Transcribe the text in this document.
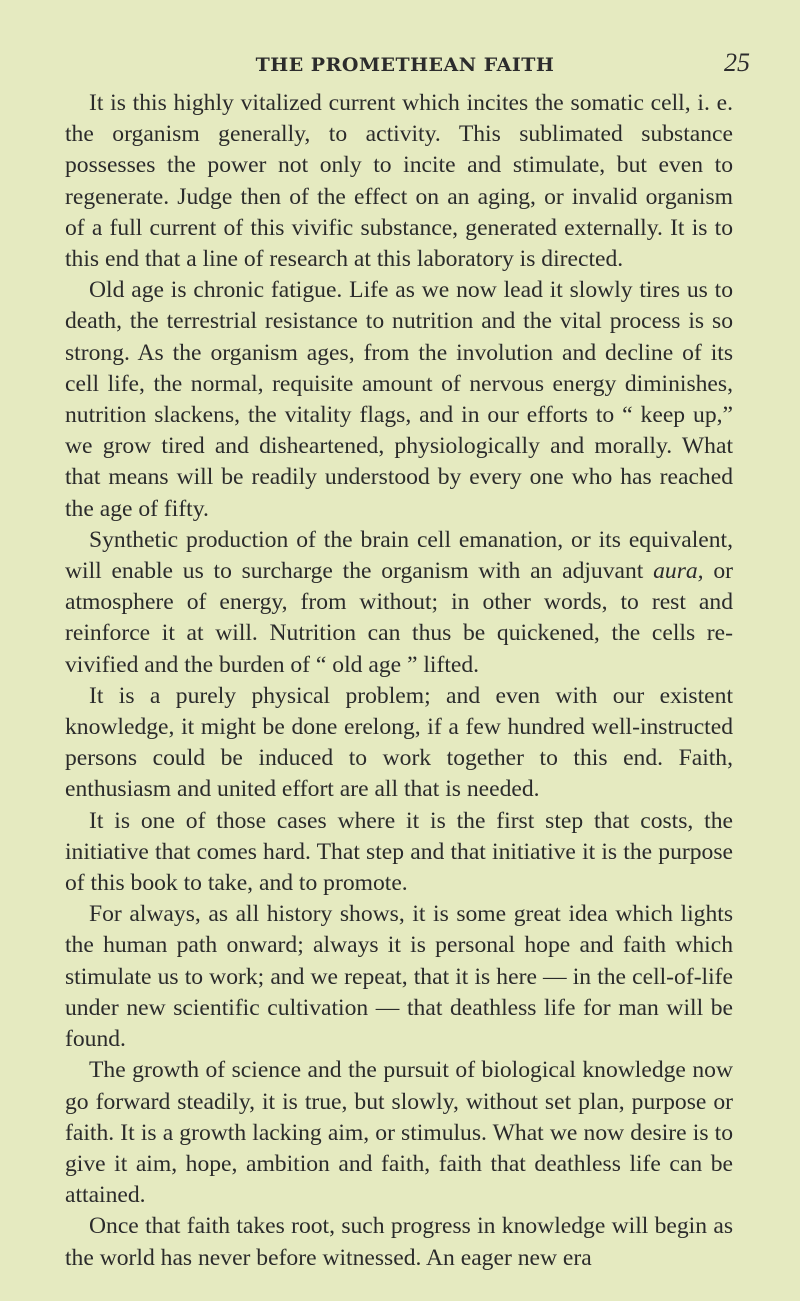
THE PROMETHEAN FAITH	25

It is this highly vitalized current which incites the somatic cell, i. e. the organism generally, to activity. This sublimated substance possesses the power not only to incite and stimulate, but even to regenerate. Judge then of the effect on an aging, or invalid organism of a full current of this vivific substance, generated externally. It is to this end that a line of research at this laboratory is directed.

Old age is chronic fatigue. Life as we now lead it slowly tires us to death, the terrestrial resistance to nutrition and the vital process is so strong. As the organism ages, from the involution and decline of its cell life, the normal, requisite amount of nervous energy diminishes, nutrition slackens, the vitality flags, and in our efforts to “ keep up,” we grow tired and disheartened, physiologically and morally. What that means will be readily understood by every one who has reached the age of fifty.

Synthetic production of the brain cell emanation, or its equivalent, will enable us to surcharge the organism with an adjuvant aura, or atmosphere of energy, from without; in other words, to rest and reinforce it at will. Nutrition can thus be quickened, the cells re-vivified and the burden of “ old age ” lifted.

It is a purely physical problem; and even with our existent knowledge, it might be done erelong, if a few hundred well-instructed persons could be induced to work together to this end. Faith, enthusiasm and united effort are all that is needed.

It is one of those cases where it is the first step that costs, the initiative that comes hard. That step and that initiative it is the purpose of this book to take, and to promote.

For always, as all history shows, it is some great idea which lights the human path onward; always it is personal hope and faith which stimulate us to work; and we repeat, that it is here — in the cell-of-life under new scientific cultivation — that deathless life for man will be found.

The growth of science and the pursuit of biological knowledge now go forward steadily, it is true, but slowly, without set plan, purpose or faith. It is a growth lacking aim, or stimulus. What we now desire is to give it aim, hope, ambition and faith, faith that deathless life can be attained.

Once that faith takes root, such progress in knowledge will begin as the world has never before witnessed. An eager new era
